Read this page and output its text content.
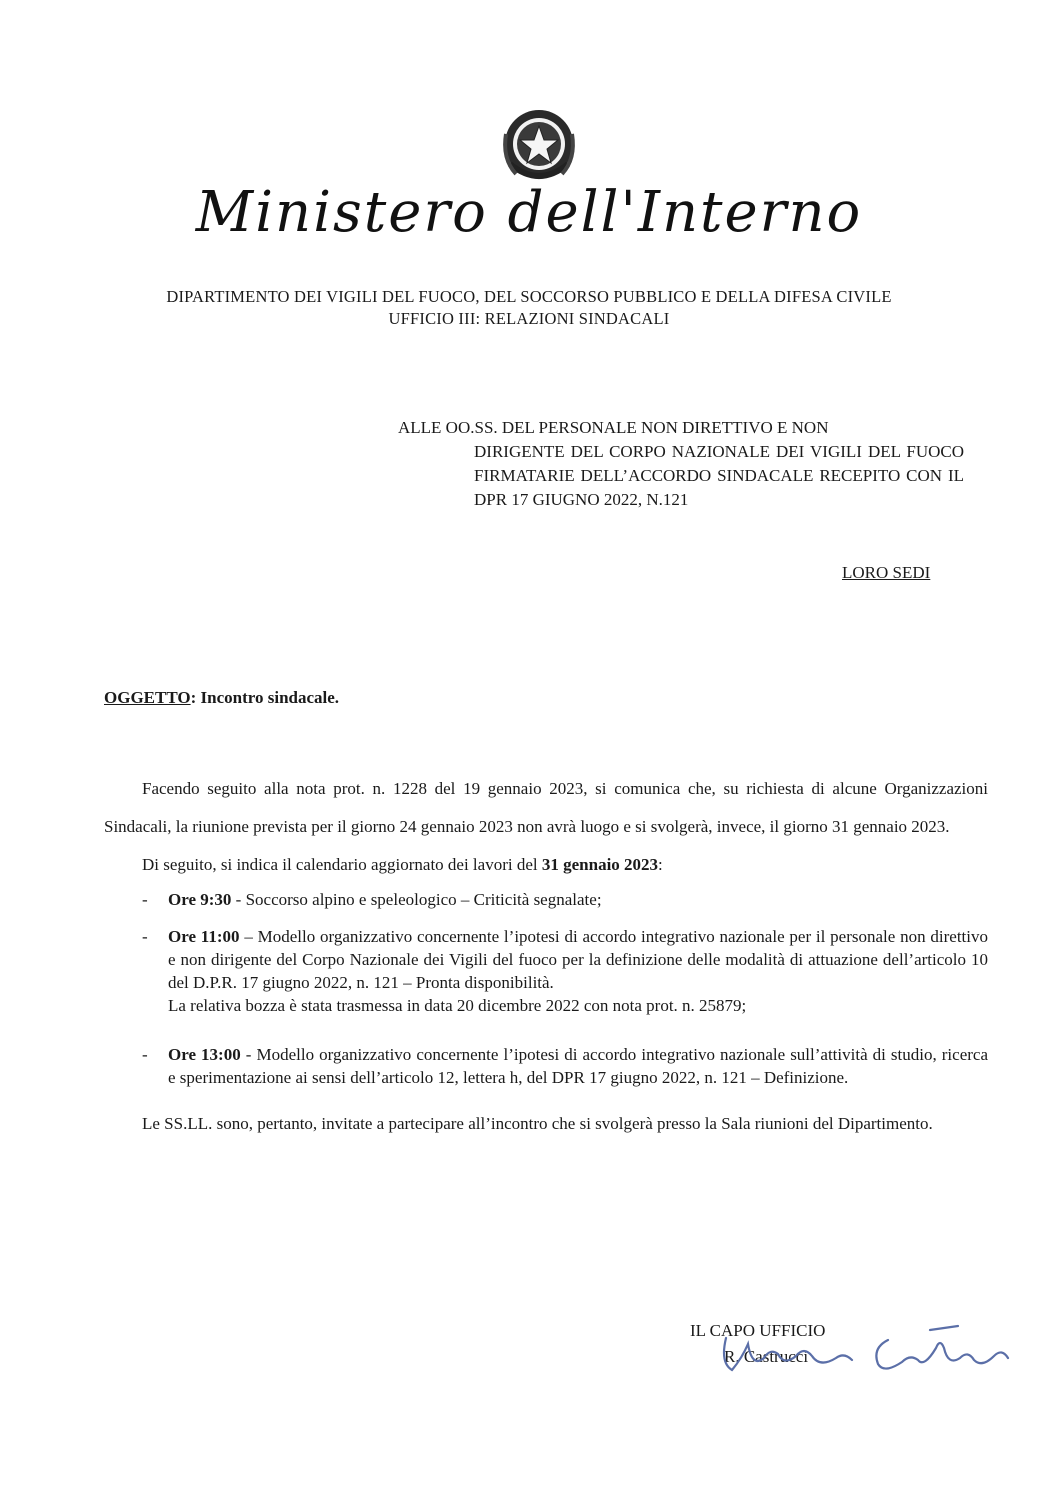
Ministero dell'Interno
DIPARTIMENTO DEI VIGILI DEL FUOCO, DEL SOCCORSO PUBBLICO E DELLA DIFESA CIVILE
UFFICIO III: RELAZIONI SINDACALI
ALLE OO.SS. DEL PERSONALE NON DIRETTIVO E NON
DIRIGENTE DEL CORPO NAZIONALE DEI VIGILI DEL FUOCO FIRMATARIE DELL’ACCORDO SINDACALE RECEPITO CON IL DPR 17 GIUGNO 2022, N.121
LORO SEDI
OGGETTO: Incontro sindacale.

Facendo seguito alla nota prot. n. 1228 del 19 gennaio 2023, si comunica che, su richiesta di alcune Organizzazioni Sindacali, la riunione prevista per il giorno 24 gennaio 2023 non avrà luogo e si svolgerà, invece, il giorno 31 gennaio 2023.

Di seguito, si indica il calendario aggiornato dei lavori del 31 gennaio 2023:

- Ore 9:30 - Soccorso alpino e speleologico – Criticità segnalate;
- Ore 11:00 – Modello organizzativo concernente l’ipotesi di accordo integrativo nazionale per il personale non direttivo e non dirigente del Corpo Nazionale dei Vigili del fuoco per la definizione delle modalità di attuazione dell’articolo 10 del D.P.R. 17 giugno 2022, n. 121 – Pronta disponibilità.
La relativa bozza è stata trasmessa in data 20 dicembre 2022 con nota prot. n. 25879;
- Ore 13:00 - Modello organizzativo concernente l’ipotesi di accordo integrativo nazionale sull’attività di studio, ricerca e sperimentazione ai sensi dell’articolo 12, lettera h, del DPR 17 giugno 2022, n. 121 – Definizione.

Le SS.LL. sono, pertanto, invitate a partecipare all’incontro che si svolgerà presso la Sala riunioni del Dipartimento.

IL CAPO UFFICIO
R. Castrucci
